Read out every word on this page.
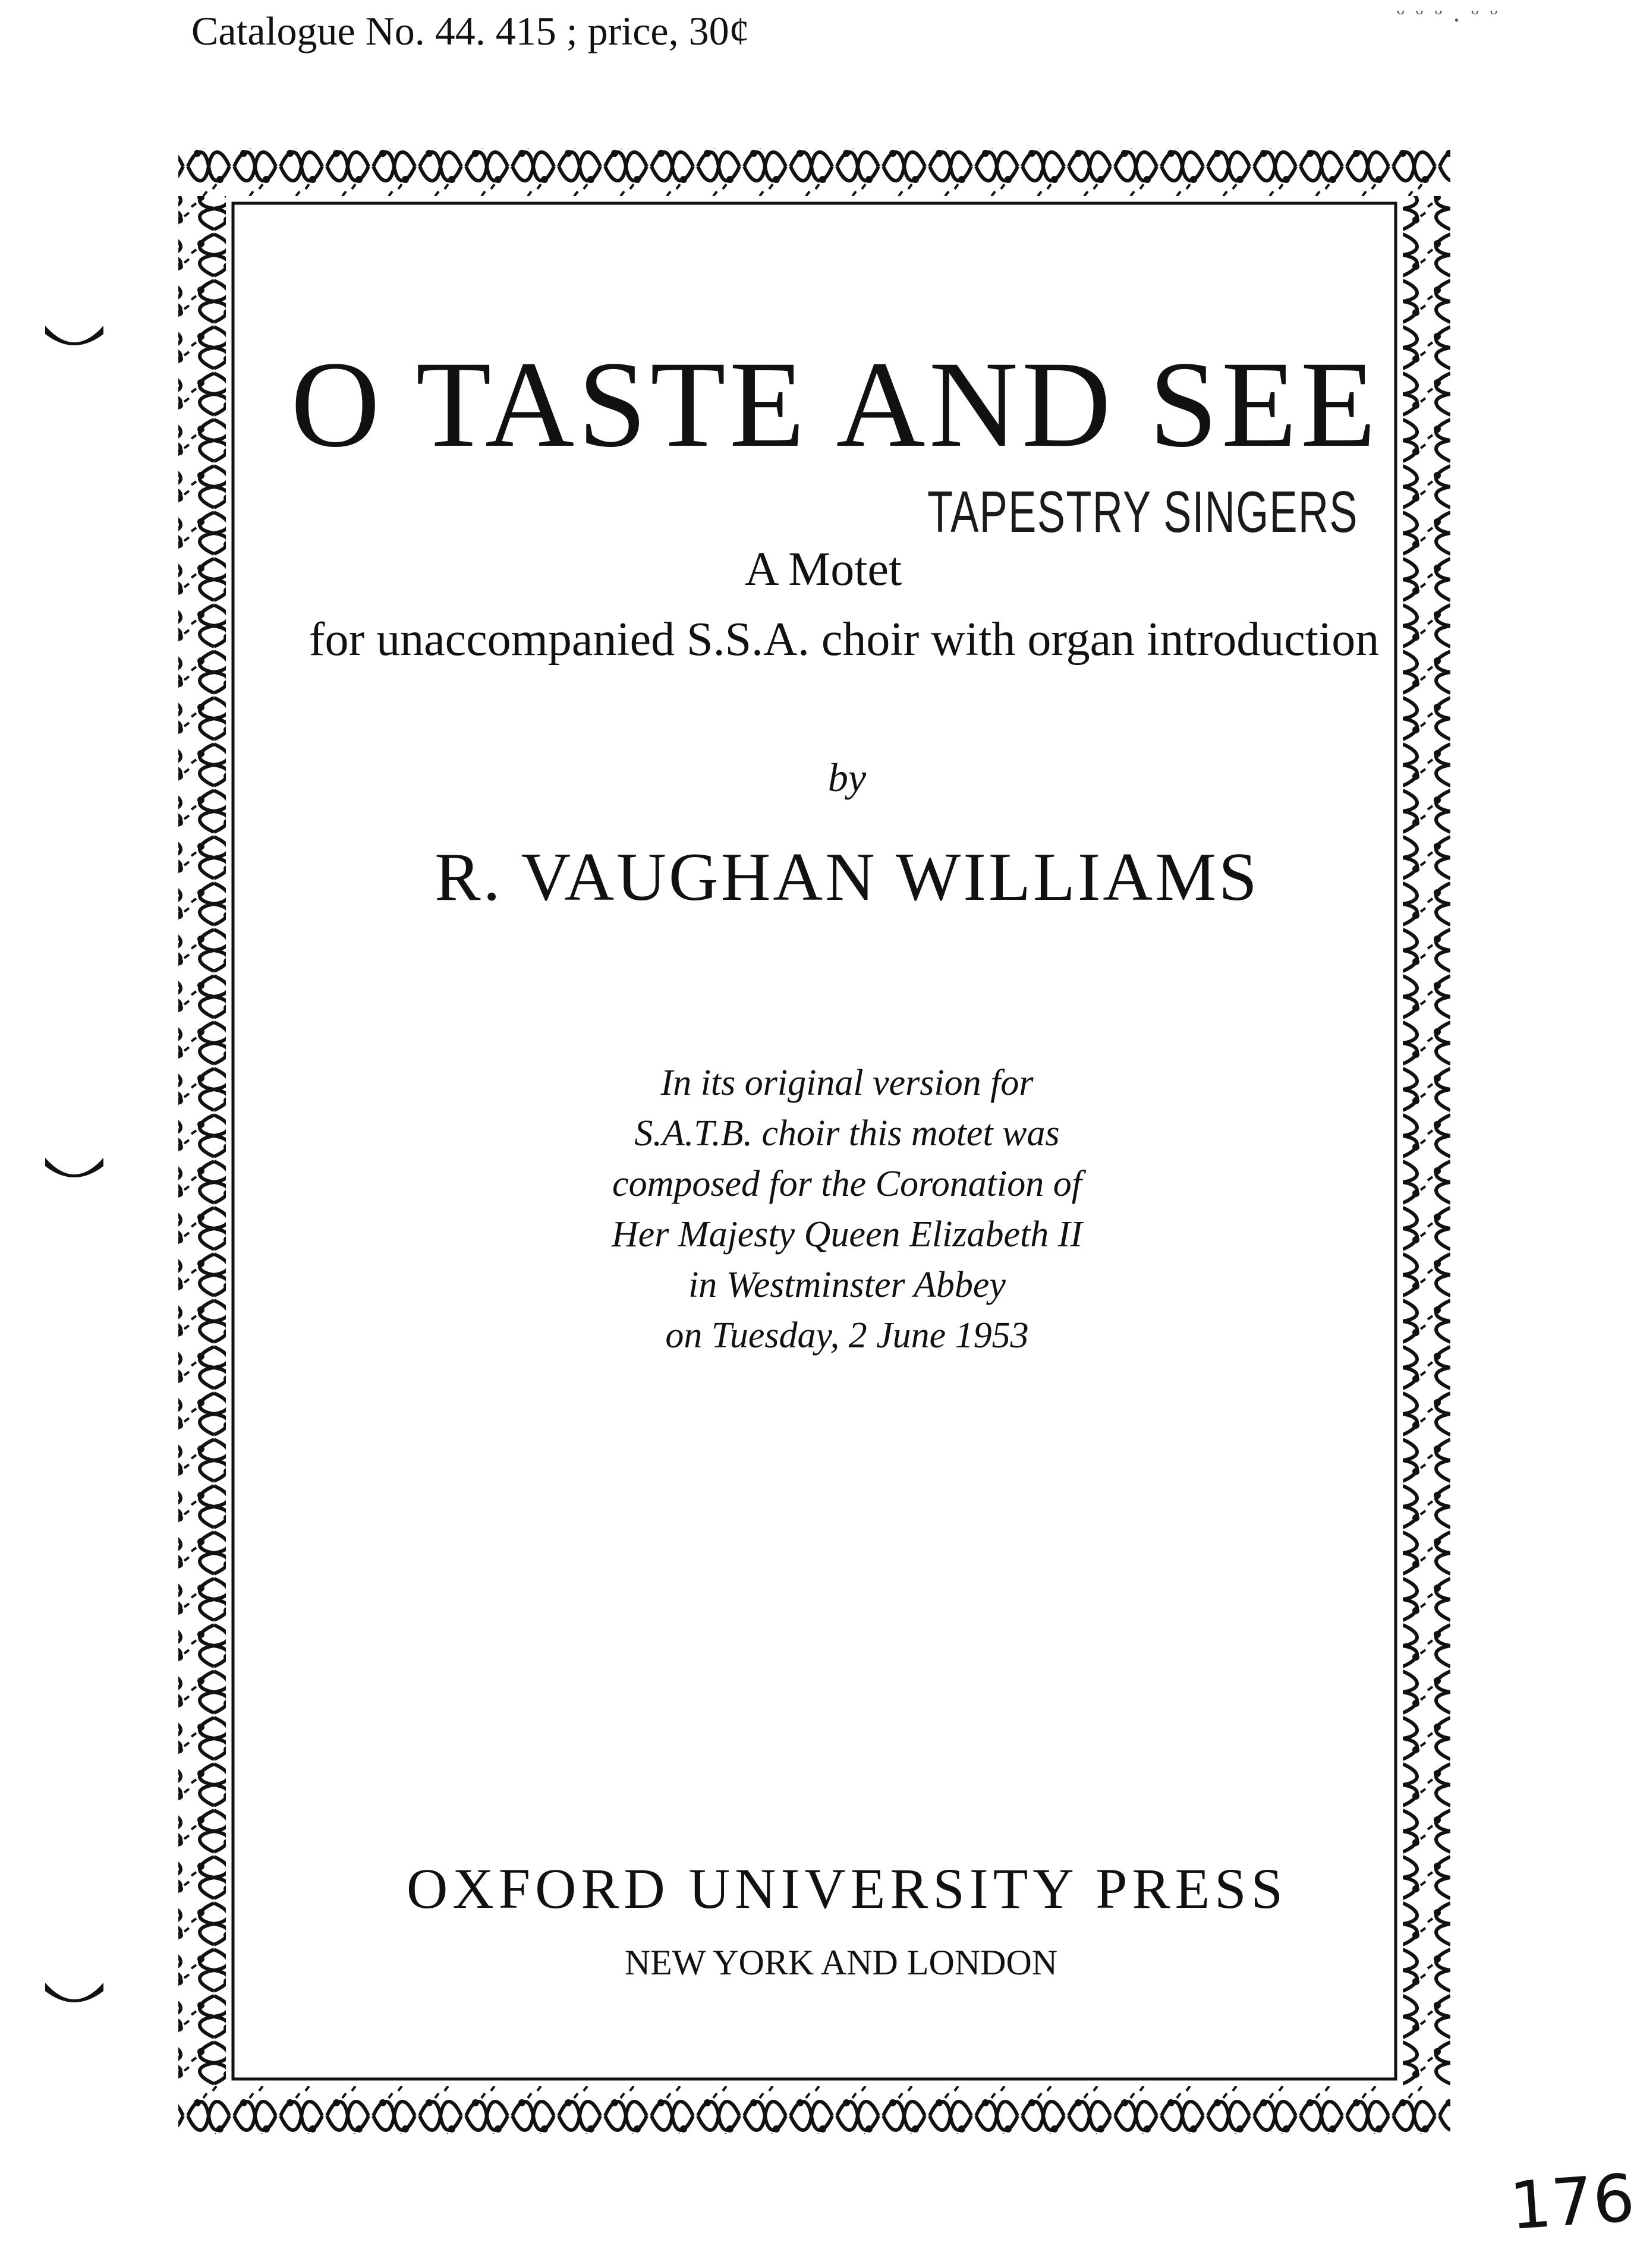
Catalogue No. 44. 415 ; price, 30¢	ᵕ ᵕ ᵕ . ᵕ ᵕ
O TASTE AND SEE
TAPESTRY SINGERS
A Motet
for unaccompanied S.S.A. choir with organ introduction
by
R. VAUGHAN WILLIAMS
In its original version for
S.A.T.B. choir this motet was
composed for the Coronation of
Her Majesty Queen Elizabeth II
in Westminster Abbey
on Tuesday, 2 June 1953
OXFORD UNIVERSITY PRESS
NEW YORK AND LONDON
176
